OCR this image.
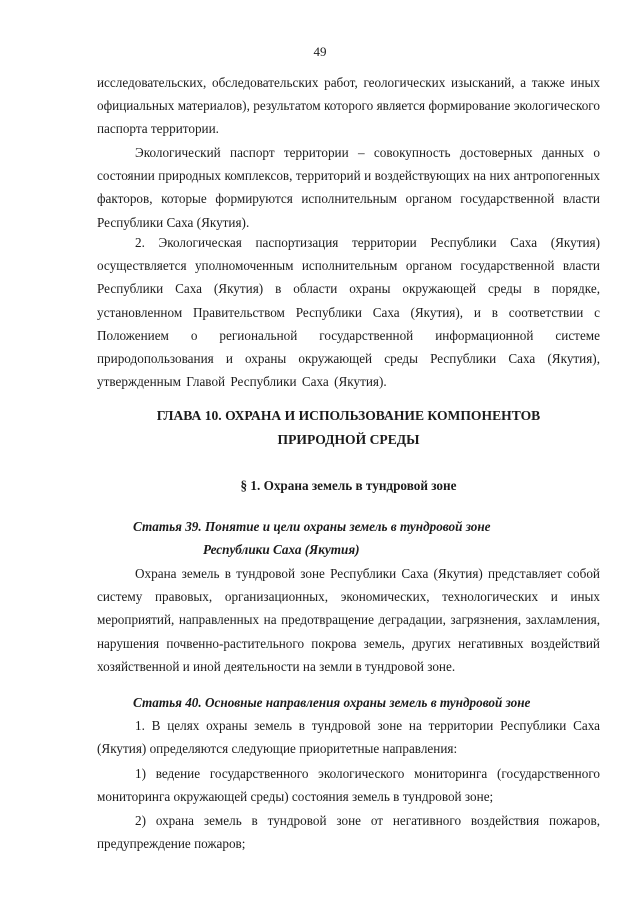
49

исследовательских, обследовательских работ, геологических изысканий, а также иных официальных материалов), результатом которого является формирование экологического паспорта территории.

Экологический паспорт территории – совокупность достоверных данных о состоянии природных комплексов, территорий и воздействующих на них антропогенных факторов, которые формируются исполнительным органом государственной власти Республики Саха (Якутия).

2. Экологическая паспортизация территории Республики Саха (Якутия) осуществляется уполномоченным исполнительным органом государственной власти Республики Саха (Якутия) в области охраны окружающей среды в порядке, установленном Правительством Республики Саха (Якутия), и в соответствии с Положением о региональной государственной информационной системе природопользования и охраны окружающей среды Республики Саха (Якутия), утвержденным Главой Республики Саха (Якутия).

ГЛАВА 10. ОХРАНА И ИСПОЛЬЗОВАНИЕ КОМПОНЕНТОВ
ПРИРОДНОЙ СРЕДЫ
§ 1. Охрана земель в тундровой зоне
Статья 39. Понятие и цели охраны земель в тундровой зоне
Республики Саха (Якутия)

Охрана земель в тундровой зоне Республики Саха (Якутия) представляет собой систему правовых, организационных, экономических, технологических и иных мероприятий, направленных на предотвращение деградации, загрязнения, захламления, нарушения почвенно-растительного покрова земель, других негативных воздействий хозяйственной и иной деятельности на земли в тундровой зоне.

Статья 40. Основные направления охраны земель в тундровой зоне

1. В целях охраны земель в тундровой зоне на территории Республики Саха (Якутия) определяются следующие приоритетные направления:

1) ведение государственного экологического мониторинга (государственного мониторинга окружающей среды) состояния земель в тундровой зоне;

2) охрана земель в тундровой зоне от негативного воздействия пожаров, предупреждение пожаров;
